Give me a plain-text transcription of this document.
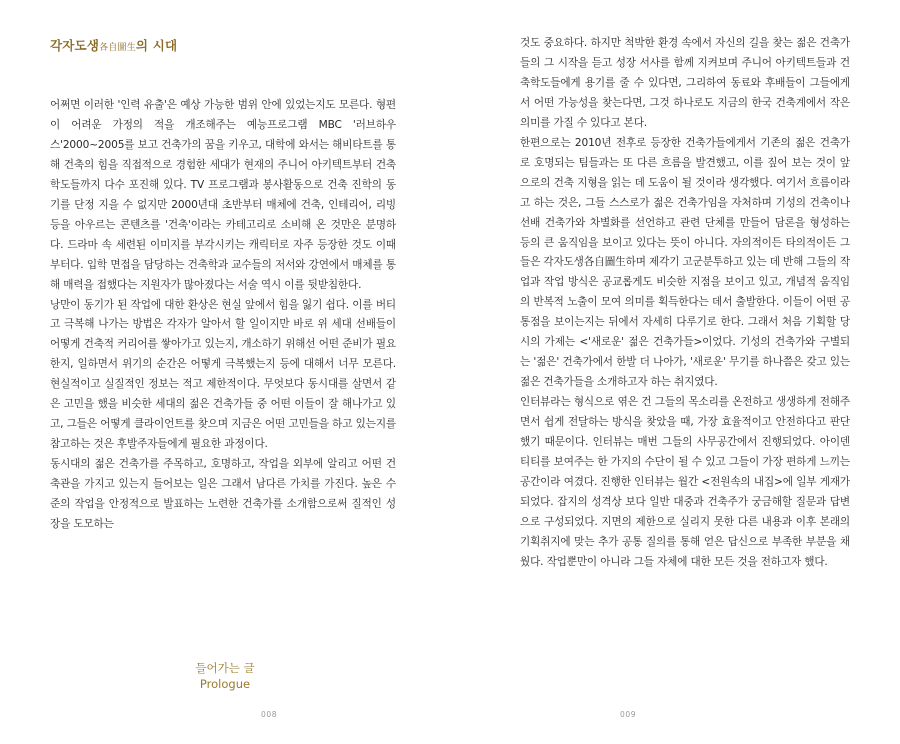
각자도생各自圖生의 시대

어쩌면 이러한 '인력 유출'은 예상 가능한 범위 안에 있었는지도 모른다. 형편이 어려운 가정의 적을 개조해주는 예능프로그램 MBC '러브하우스'2000~2005를 보고 건축가의 꿈을 키우고, 대학에 와서는 해비타트를 통해 건축의 힘을 직접적으로 경험한 세대가 현재의 주니어 아키텍트부터 건축학도들까지 다수 포진해 있다. TV 프로그램과 봉사활동으로 건축 진학의 동기를 단정 지을 수 없지만 2000년대 초반부터 매체에 건축, 인테리어, 리빙 등을 아우르는 콘텐츠를 '건축'이라는 카테고리로 소비해 온 것만은 분명하다. 드라마 속 세련된 이미지를 부각시키는 캐릭터로 자주 등장한 것도 이때부터다. 입학 면접을 담당하는 건축학과 교수들의 저서와 강연에서 매체를 통해 매력을 접했다는 지원자가 많아졌다는 서술 역시 이를 뒷받침한다.

낭만이 동기가 된 작업에 대한 환상은 현실 앞에서 힘을 잃기 쉽다. 이를 버티고 극복해 나가는 방법은 각자가 알아서 할 일이지만 바로 위 세대 선배들이 어떻게 건축적 커리어를 쌓아가고 있는지, 개소하기 위해선 어떤 준비가 필요한지, 일하면서 위기의 순간은 어떻게 극복했는지 등에 대해서 너무 모른다. 현실적이고 실질적인 정보는 적고 제한적이다. 무엇보다 동시대를 살면서 같은 고민을 했을 비슷한 세대의 젊은 건축가들 중 어떤 이들이 잘 해나가고 있고, 그들은 어떻게 클라이언트를 찾으며 지금은 어떤 고민들을 하고 있는지를 참고하는 것은 후발주자들에게 필요한 과정이다.

동시대의 젊은 건축가를 주목하고, 호명하고, 작업을 외부에 알리고 어떤 건축관을 가지고 있는지 들어보는 일은 그래서 남다른 가치를 가진다. 높은 수준의 작업을 안정적으로 발표하는 노련한 건축가를 소개함으로써 질적인 성장을 도모하는

들어가는 글
Prologue
008

것도 중요하다. 하지만 척박한 환경 속에서 자신의 길을 찾는 젊은 건축가들의 그 시작을 듣고 성장 서사를 함께 지켜보며 주니어 아키텍트들과 건축학도들에게 용기를 줄 수 있다면, 그리하여 동료와 후배들이 그들에게서 어떤 가능성을 찾는다면, 그것 하나로도 지금의 한국 건축계에서 작은 의미를 가질 수 있다고 본다.

한편으로는 2010년 전후로 등장한 건축가들에게서 기존의 젊은 건축가로 호명되는 팀들과는 또 다른 흐름을 발견했고, 이를 짚어 보는 것이 앞으로의 건축 지형을 읽는 데 도움이 될 것이라 생각했다. 여기서 흐름이라고 하는 것은, 그들 스스로가 젊은 건축가임을 자처하며 기성의 건축이나 선배 건축가와 차별화를 선언하고 관련 단체를 만들어 담론을 형성하는 등의 큰 움직임을 보이고 있다는 뜻이 아니다. 자의적이든 타의적이든 그들은 각자도생各自圖生하며 제각기 고군분투하고 있는 데 반해 그들의 작업과 작업 방식은 공교롭게도 비슷한 지점을 보이고 있고, 개념적 움직임의 반복적 노출이 모여 의미를 획득한다는 데서 출발한다. 이들이 어떤 공통점을 보이는지는 뒤에서 자세히 다루기로 한다. 그래서 처음 기획할 당시의 가제는 <'새로운' 젊은 건축가들>이었다. 기성의 건축가와 구별되는 '젊은' 건축가에서 한발 더 나아가, '새로운' 무기를 하나쯤은 갖고 있는 젊은 건축가들을 소개하고자 하는 취지였다.

인터뷰라는 형식으로 엮은 건 그들의 목소리를 온전하고 생생하게 전해주면서 쉽게 전달하는 방식을 찾았을 때, 가장 효율적이고 안전하다고 판단했기 때문이다. 인터뷰는 매번 그들의 사무공간에서 진행되었다. 아이덴티티를 보여주는 한 가지의 수단이 될 수 있고 그들이 가장 편하게 느끼는 공간이라 여겼다. 진행한 인터뷰는 월간 <전원속의 내집>에 일부 게재가 되었다. 잡지의 성격상 보다 일반 대중과 건축주가 궁금해할 질문과 답변으로 구성되었다. 지면의 제한으로 실리지 못한 다른 내용과 이후 본래의 기획취지에 맞는 추가 공통 질의를 통해 얻은 답신으로 부족한 부분을 채웠다. 작업뿐만이 아니라 그들 자체에 대한 모든 것을 전하고자 했다.

009
